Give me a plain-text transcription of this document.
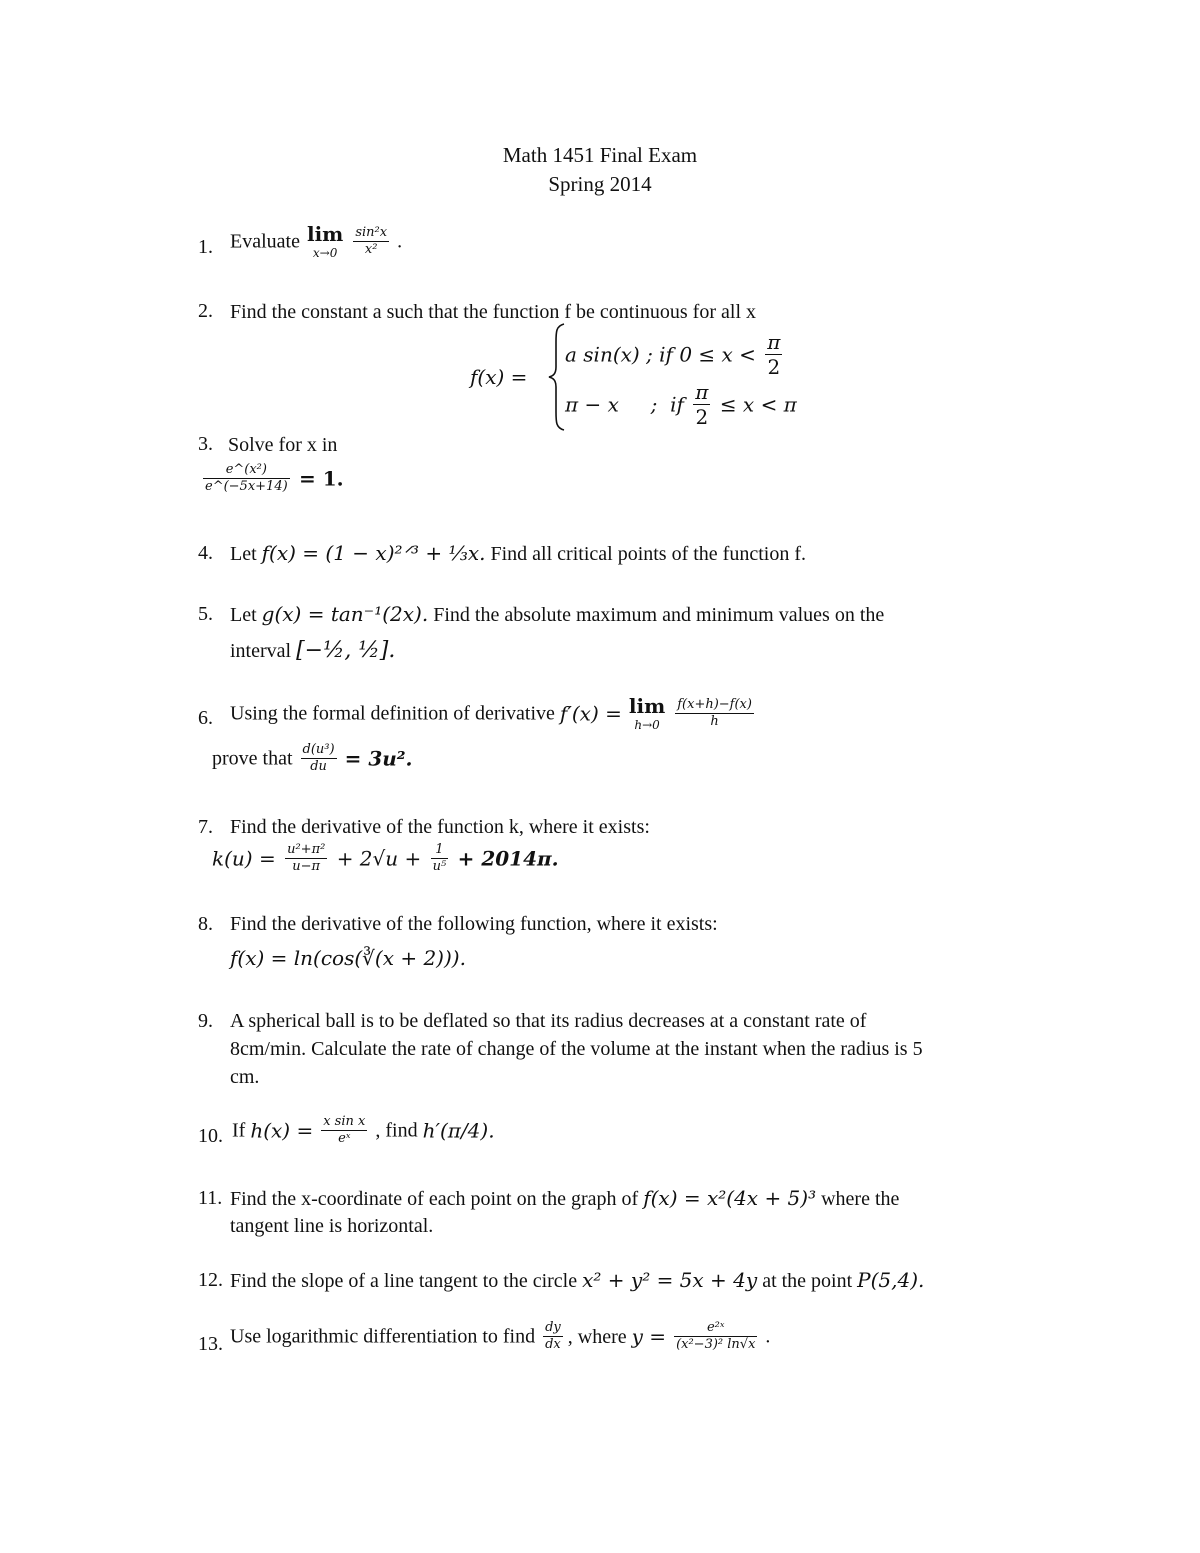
Math 1451 Final Exam
Spring 2014
1. Evaluate lim
x→0
	$\frac{\text{sin²x}}{\text{x²}}$ .
2. Find the constant a such that the function f be continuous for all x
f(x) =
a sin(x) ; if $0 \le x < \frac{\pi}{2}$
π − x     ;  if $\frac{\pi}{2} \le x < \pi$
3. Solve for x in
$\frac{\text{e\textasciicircum{}(x²)}}{e\^{}(-5x+14)} = 1$.
4. Let f(x) = (1 − x)²ᐟ³ + ⅓x. Find all critical points of the function f.
5. Let g(x) = tan⁻¹(2x). Find the absolute maximum and minimum values on the
interval [−½, ½].
6. Using the formal definition of derivative f′(x) = lim
h→0
	$\frac{f(x+h)-f(x)}{h}$
prove that $\frac{\text{d(u³)}}{du} = 3u^2$.
7. Find the derivative of the function k, where it exists:
$k(u) = \frac{\text{u²+π²}}{u-\pi} + 2√u + \frac{1}{\text{u⁵}} + 2014\pi$.
8. Find the derivative of the following function, where it exists:
f(x) = ln(cos(∛(x + 2))).
9. A spherical ball is to be deflated so that its radius decreases at a constant rate of
8cm/min. Calculate the rate of change of the volume at the instant when the radius is 5
cm.
10. If $h(x) = \frac{\text{x sin x}}{\text{eˣ}}$ , find h′(π/4).
11. Find the x-coordinate of each point on the graph of f(x) = x²(4x + 5)³ where the
tangent line is horizontal.
12. Find the slope of a line tangent to the circle x² + y² = 5x + 4y at the point P(5,4).
13. Use logarithmic differentiation to find $\frac{dy}{dx}$ , where $y = \frac{\text{e²ˣ}}{\text{(x²−3)² ln√x}}$ .
